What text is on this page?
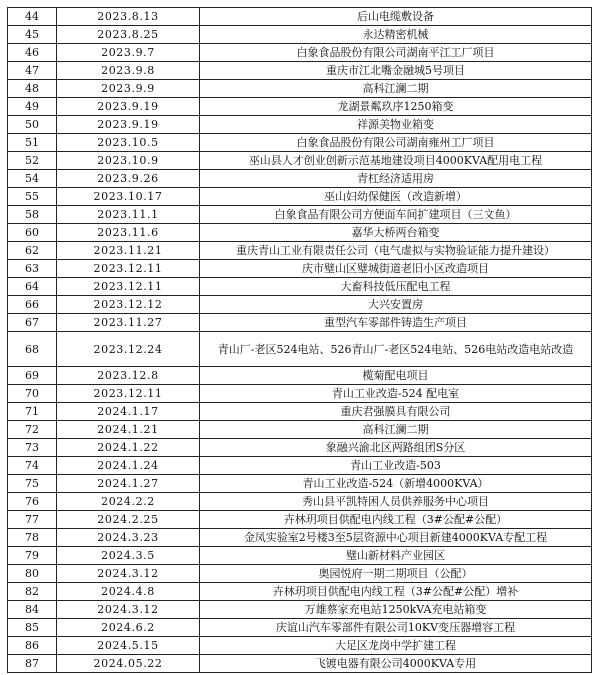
44	2023.8.13	后山电缆敷设备
45	2023.8.25	永达精密机械
46	2023.9.7	白象食品股份有限公司湖南平江工厂项目
47	2023.9.8	重庆市江北嘴金融城5号项目
48	2023.9.9	高科江澜二期
49	2023.9.19	龙湖景粼玖序1250箱变
50	2023.9.19	祥源美物业箱变
51	2023.10.5	白象食品股份有限公司湖南雍州工厂项目
52	2023.10.9	巫山县人才创业创新示范基地建设项目4000KVA配用电工程
54	2023.9.26	青杠经济适用房
55	2023.10.17	巫山妇幼保健医（改造新增）
58	2023.11.1	白象食品有限公司方便面车间扩建项目（三文鱼）
60	2023.11.6	嘉华大桥两台箱变
62	2023.11.21	重庆青山工业有限责任公司（电气虚拟与实物验证能力提升建设）
63	2023.12.11	庆市璧山区璧城街道老旧小区改造项目
64	2023.12.11	大畜科技低压配电工程
66	2023.12.12	大兴安置房
67	2023.11.27	重型汽车零部件铸造生产项目
68	2023.12.24	青山厂-老区524电站、526青山厂-老区524电站、526电站改造电站改造
69	2023.12.8	榄菊配电项目
70	2023.12.11	青山工业改造-524 配电室
71	2024.1.17	重庆君强膜具有限公司
72	2024.1.21	高科江澜二期
73	2024.1.22	象融兴渝北区两路组团S分区
74	2024.1.24	青山工业改造-503
75	2024.1.27	青山工业改造-524（新增4000KVA）
76	2024.2.2	秀山县平凯特困人员供养服务中心项目
77	2024.2.25	卉林玥项目供配电内线工程（3#公配#公配）
78	2024.3.23	金凤实验室2号楼3至5层资源中心项目新建4000KVA专配工程
79	2024.3.5	璧山新材料产业园区
80	2024.3.12	奥园悦府一期二期项目（公配）
82	2024.4.8	卉林玥项目供配电内线工程（3#公配#公配）增补
84	2024.3.12	万雄蔡家充电站1250kVA充电站箱变
85	2024.6.2	庆谊山汽车零部件有限公司10KV变压器增容工程
86	2024.5.15	大足区龙岗中学扩建工程
87	2024.05.22	飞镀电器有限公司4000KVA专用
